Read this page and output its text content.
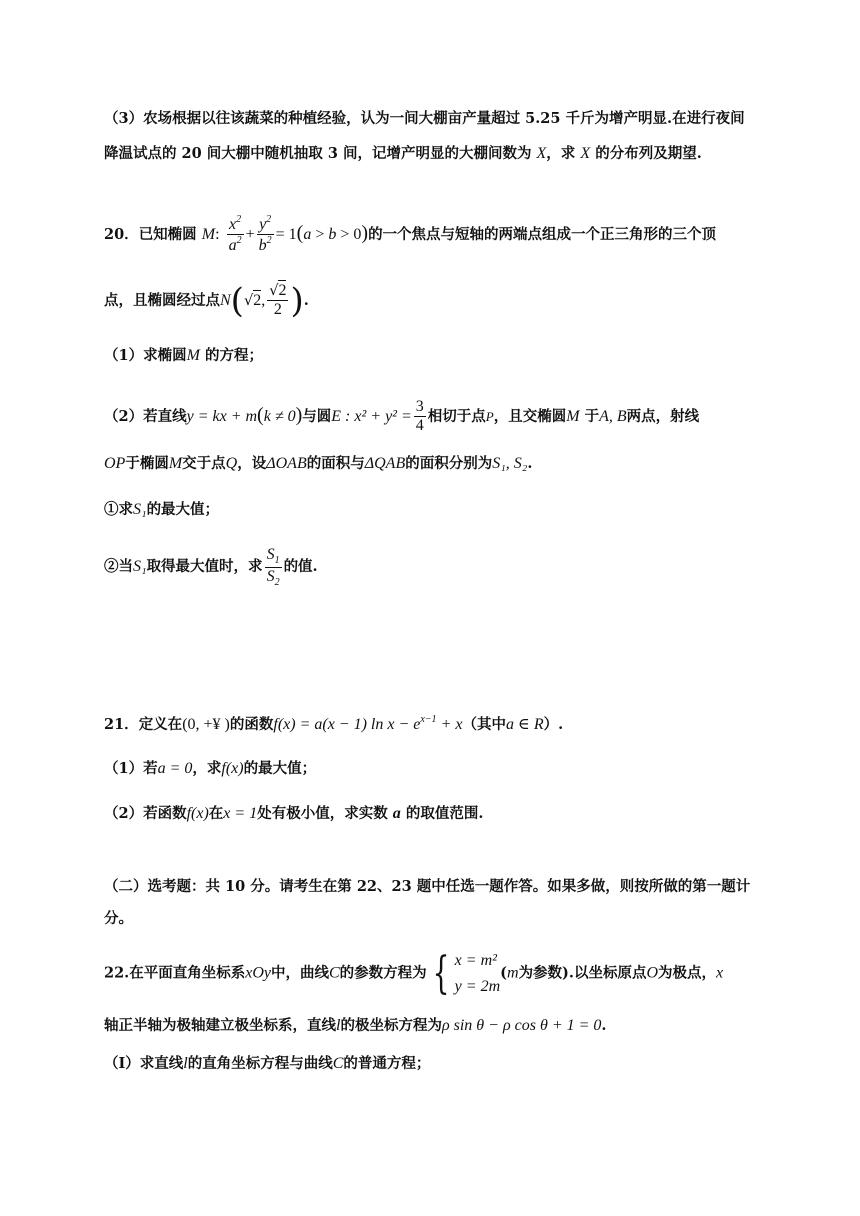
（3）农场根据以往该蔬菜的种植经验，认为一间大棚亩产量超过 5.25 千斤为增产明显.在进行夜间
降温试点的 20 间大棚中随机抽取 3 间，记增产明显的大棚间数为 X，求 X 的分布列及期望.
20．已知椭圆 M: $\frac{x^2}{a^2} + \frac{y^2}{b^2} = 1(a > b > 0)$的一个焦点与短轴的两端点组成一个正三角形的三个顶
点，且椭圆经过点N(√2, $\frac{√2}{2}$ ).
（1）求椭圆M 的方程；
（2）若直线y = kx + m(k ≠ 0)与圆E : $x^2 + y^2 = \frac{3}{4}$ 相切于点P，且交椭圆M 于A, B两点，射线
OP于椭圆M交于点Q，设ΔOAB的面积与ΔQAB的面积分别为S₁, S₂.
①求S₁的最大值；
②当S₁取得最大值时，求 $\frac{S_1}{S_2}$ 的值.
21．定义在(0, +¥ )的函数f(x) = a(x − 1) $\ln x - e^{x-1} + x$（其中a ∈ R）.
（1）若a = 0，求f(x)的最大值；
（2）若函数f(x)在x = 1处有极小值，求实数 a 的取值范围.
（二）选考题：共 10 分。请考生在第 22、23 题中任选一题作答。如果多做，则按所做的第一题计
分。
22.在平面直角坐标系xOy中，曲线C的参数方程为 { x = m²
y = 2m
(m为参数).以坐标原点O为极点，x
轴正半轴为极轴建立极坐标系，直线l的极坐标方程为ρ sin θ − ρ cos θ + 1 = 0.
（Ⅰ）求直线l的直角坐标方程与曲线C的普通方程；
